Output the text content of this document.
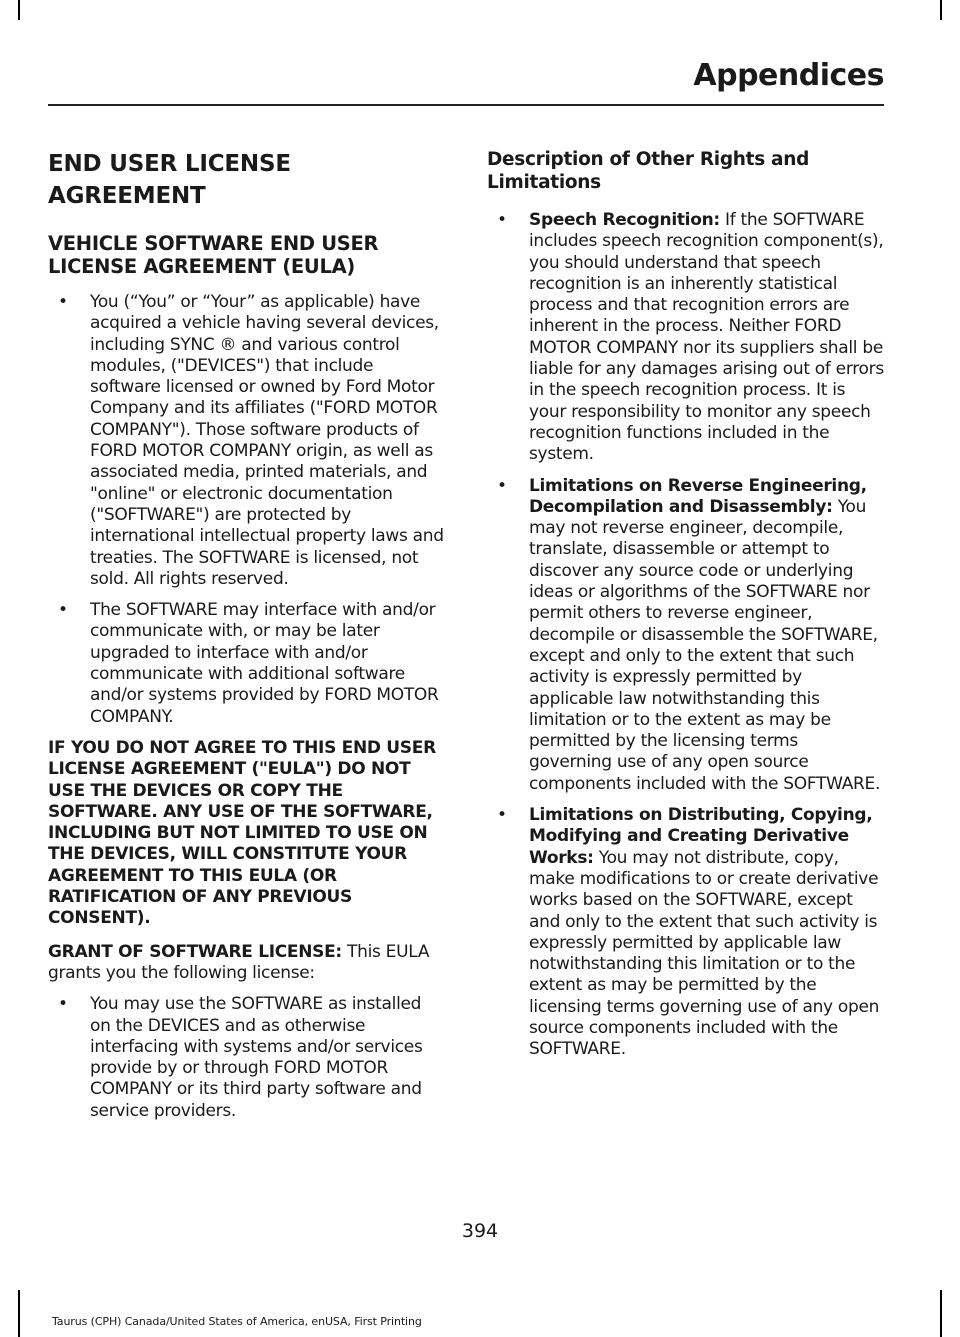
Appendices
END USER LICENSE
AGREEMENT
VEHICLE SOFTWARE END USER LICENSE AGREEMENT (EULA)
• You (“You” or “Your” as applicable) have acquired a vehicle having several devices, including SYNC ® and various control modules, ("DEVICES") that include software licensed or owned by Ford Motor Company and its affiliates ("FORD MOTOR COMPANY"). Those software products of FORD MOTOR COMPANY origin, as well as associated media, printed materials, and "online" or electronic documentation ("SOFTWARE") are protected by international intellectual property laws and treaties. The SOFTWARE is licensed, not sold. All rights reserved.
• The SOFTWARE may interface with and/or communicate with, or may be later upgraded to interface with and/or communicate with additional software and/or systems provided by FORD MOTOR COMPANY.
IF YOU DO NOT AGREE TO THIS END USER LICENSE AGREEMENT ("EULA") DO NOT USE THE DEVICES OR COPY THE SOFTWARE. ANY USE OF THE SOFTWARE, INCLUDING BUT NOT LIMITED TO USE ON THE DEVICES, WILL CONSTITUTE YOUR AGREEMENT TO THIS EULA (OR RATIFICATION OF ANY PREVIOUS CONSENT).
GRANT OF SOFTWARE LICENSE: This EULA grants you the following license:
• You may use the SOFTWARE as installed on the DEVICES and as otherwise interfacing with systems and/or services provide by or through FORD MOTOR COMPANY or its third party software and service providers.
Description of Other Rights and Limitations
• Speech Recognition: If the SOFTWARE includes speech recognition component(s), you should understand that speech recognition is an inherently statistical process and that recognition errors are inherent in the process. Neither FORD MOTOR COMPANY nor its suppliers shall be liable for any damages arising out of errors in the speech recognition process. It is your responsibility to monitor any speech recognition functions included in the system.
• Limitations on Reverse Engineering, Decompilation and Disassembly: You may not reverse engineer, decompile, translate, disassemble or attempt to discover any source code or underlying ideas or algorithms of the SOFTWARE nor permit others to reverse engineer, decompile or disassemble the SOFTWARE, except and only to the extent that such activity is expressly permitted by applicable law notwithstanding this limitation or to the extent as may be permitted by the licensing terms governing use of any open source components included with the SOFTWARE.
• Limitations on Distributing, Copying, Modifying and Creating Derivative Works: You may not distribute, copy, make modifications to or create derivative works based on the SOFTWARE, except and only to the extent that such activity is expressly permitted by applicable law notwithstanding this limitation or to the extent as may be permitted by the licensing terms governing use of any open source components included with the SOFTWARE.
394
Taurus (CPH) Canada/United States of America, enUSA, First Printing
